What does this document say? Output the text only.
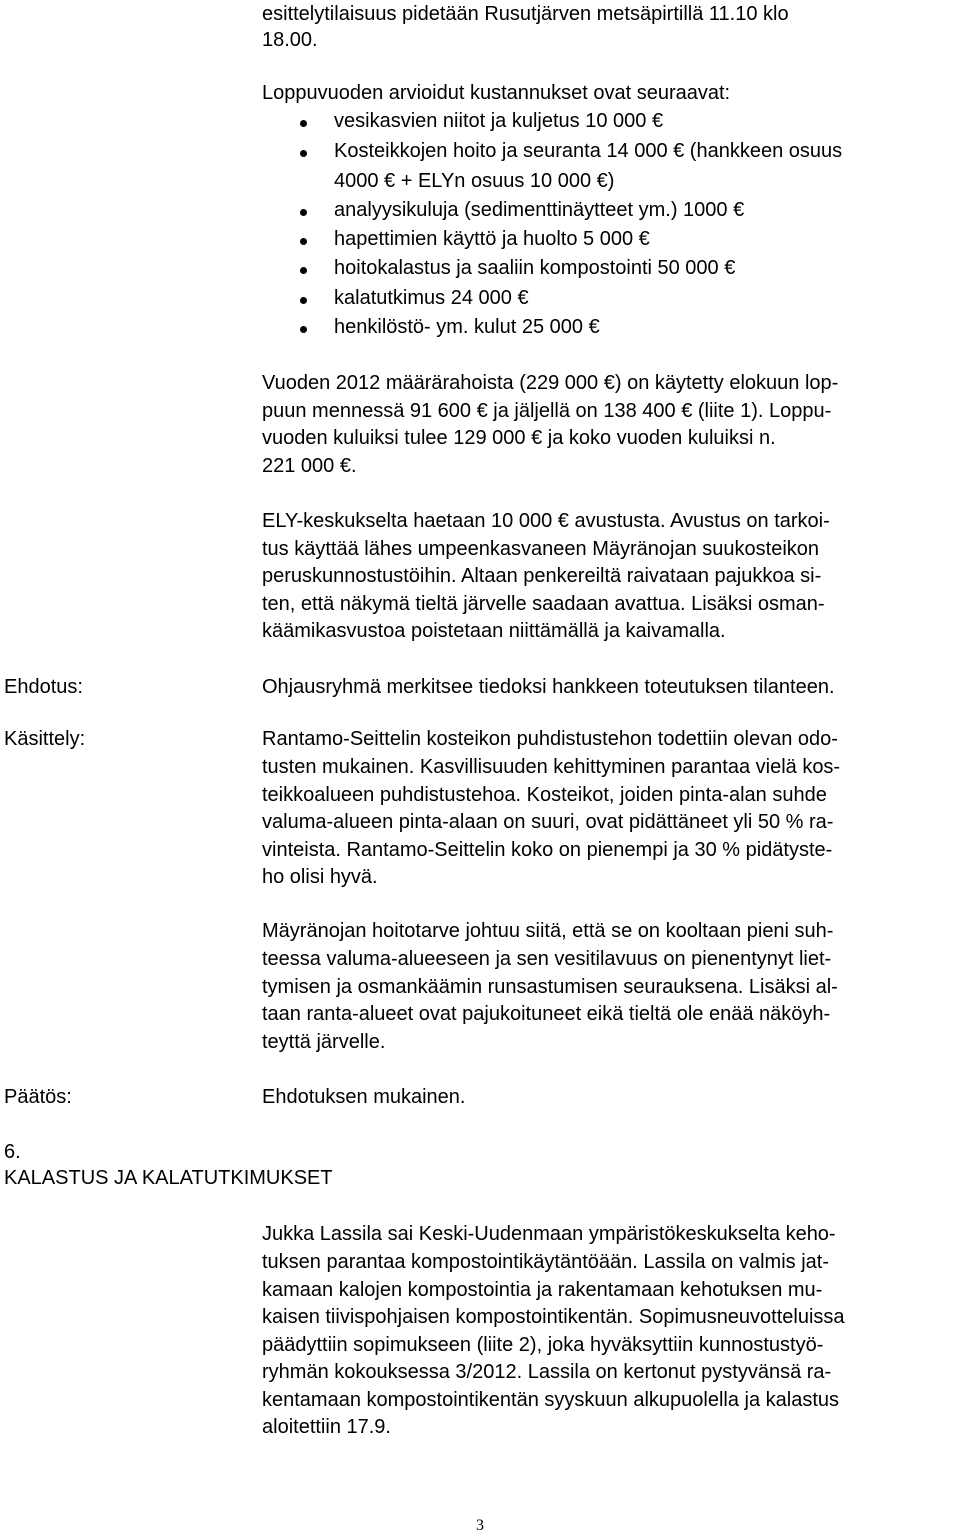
esittelytilaisuus pidetään Rusutjärven metsäpirtillä 11.10 klo
18.00.
Loppuvuoden arvioidut kustannukset ovat seuraavat:
vesikasvien niitot ja kuljetus 10 000 €
Kosteikkojen hoito ja seuranta 14 000 € (hankkeen osuus
4000 € + ELYn osuus 10 000 €)
analyysikuluja (sedimenttinäytteet ym.) 1000 €
hapettimien käyttö ja huolto 5 000 €
hoitokalastus ja saaliin kompostointi 50 000 €
kalatutkimus 24 000 €
henkilöstö- ym. kulut 25 000 €
Vuoden 2012 määrärahoista (229 000 €) on käytetty elokuun lop-
puun mennessä 91 600 € ja jäljellä on 138 400 € (liite 1). Loppu-
vuoden kuluiksi tulee 129 000 € ja koko vuoden kuluiksi n.
221 000 €.
ELY-keskukselta haetaan 10 000 € avustusta. Avustus on tarkoi-
tus käyttää lähes umpeenkasvaneen Mäyränojan suukosteikon
peruskunnostustöihin. Altaan penkereiltä raivataan pajukkoa si-
ten, että näkymä tieltä järvelle saadaan avattua. Lisäksi osman-
käämikasvustoa poistetaan niittämällä ja kaivamalla.
Ehdotus:	Ohjausryhmä merkitsee tiedoksi hankkeen toteutuksen tilanteen.
Käsittely:	Rantamo-Seittelin kosteikon puhdistustehon todettiin olevan odo-
tusten mukainen. Kasvillisuuden kehittyminen parantaa vielä kos-
teikkoalueen puhdistustehoa. Kosteikot, joiden pinta-alan suhde
valuma-alueen pinta-alaan on suuri, ovat pidättäneet yli 50 % ra-
vinteista. Rantamo-Seittelin koko on pienempi ja 30 % pidätyste-
ho olisi hyvä.
Mäyränojan hoitotarve johtuu siitä, että se on kooltaan pieni suh-
teessa valuma-alueeseen ja sen vesitilavuus on pienentynyt liet-
tymisen ja osmankäämin runsastumisen seurauksena. Lisäksi al-
taan ranta-alueet ovat pajukoituneet eikä tieltä ole enää näköyh-
teyttä järvelle.
Päätös:	Ehdotuksen mukainen.
6.
KALASTUS JA KALATUTKIMUKSET
Jukka Lassila sai Keski-Uudenmaan ympäristökeskukselta keho-
tuksen parantaa kompostointikäytäntöään. Lassila on valmis jat-
kamaan kalojen kompostointia ja rakentamaan kehotuksen mu-
kaisen tiivispohjaisen kompostointikentän. Sopimusneuvotteluissa
päädyttiin sopimukseen (liite 2), joka hyväksyttiin kunnostustyö-
ryhmän kokouksessa 3/2012. Lassila on kertonut pystyvänsä ra-
kentamaan kompostointikentän syyskuun alkupuolella ja kalastus
aloitettiin 17.9.
3
